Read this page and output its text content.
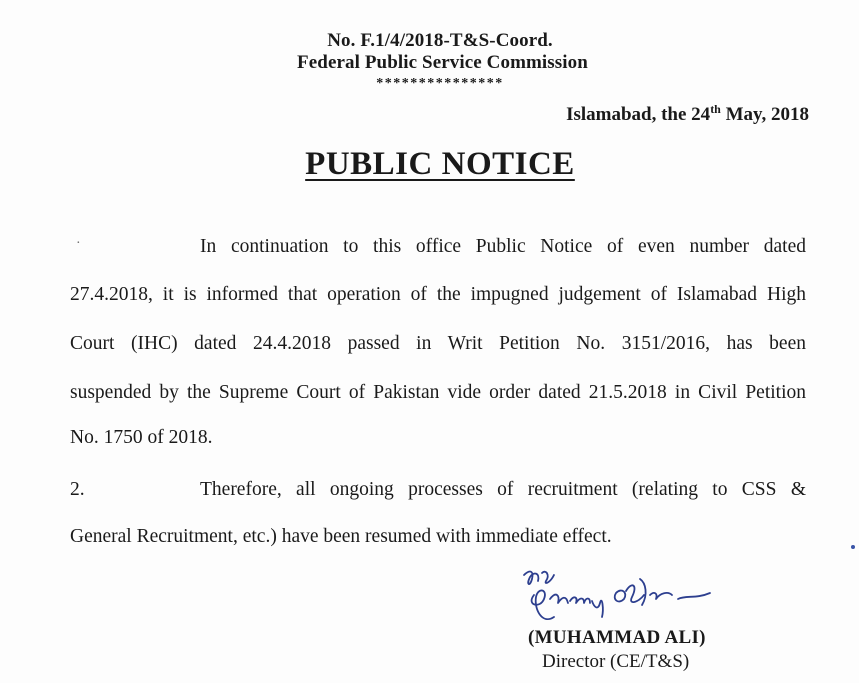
No. F.1/4/2018-T&S-Coord.
Federal Public Service Commission
***************
Islamabad, the 24th May, 2018
PUBLIC NOTICE
·	In continuation to this office Public Notice of even number dated
27.4.2018, it is informed that operation of the impugned judgement of Islamabad High
Court (IHC) dated 24.4.2018 passed in Writ Petition No. 3151/2016, has been
suspended by the Supreme Court of Pakistan vide order dated 21.5.2018 in Civil Petition
No. 1750 of 2018.
2.	Therefore, all ongoing processes of recruitment (relating to CSS &
General Recruitment, etc.) have been resumed with immediate effect.
(MUHAMMAD ALI)
Director (CE/T&S)
